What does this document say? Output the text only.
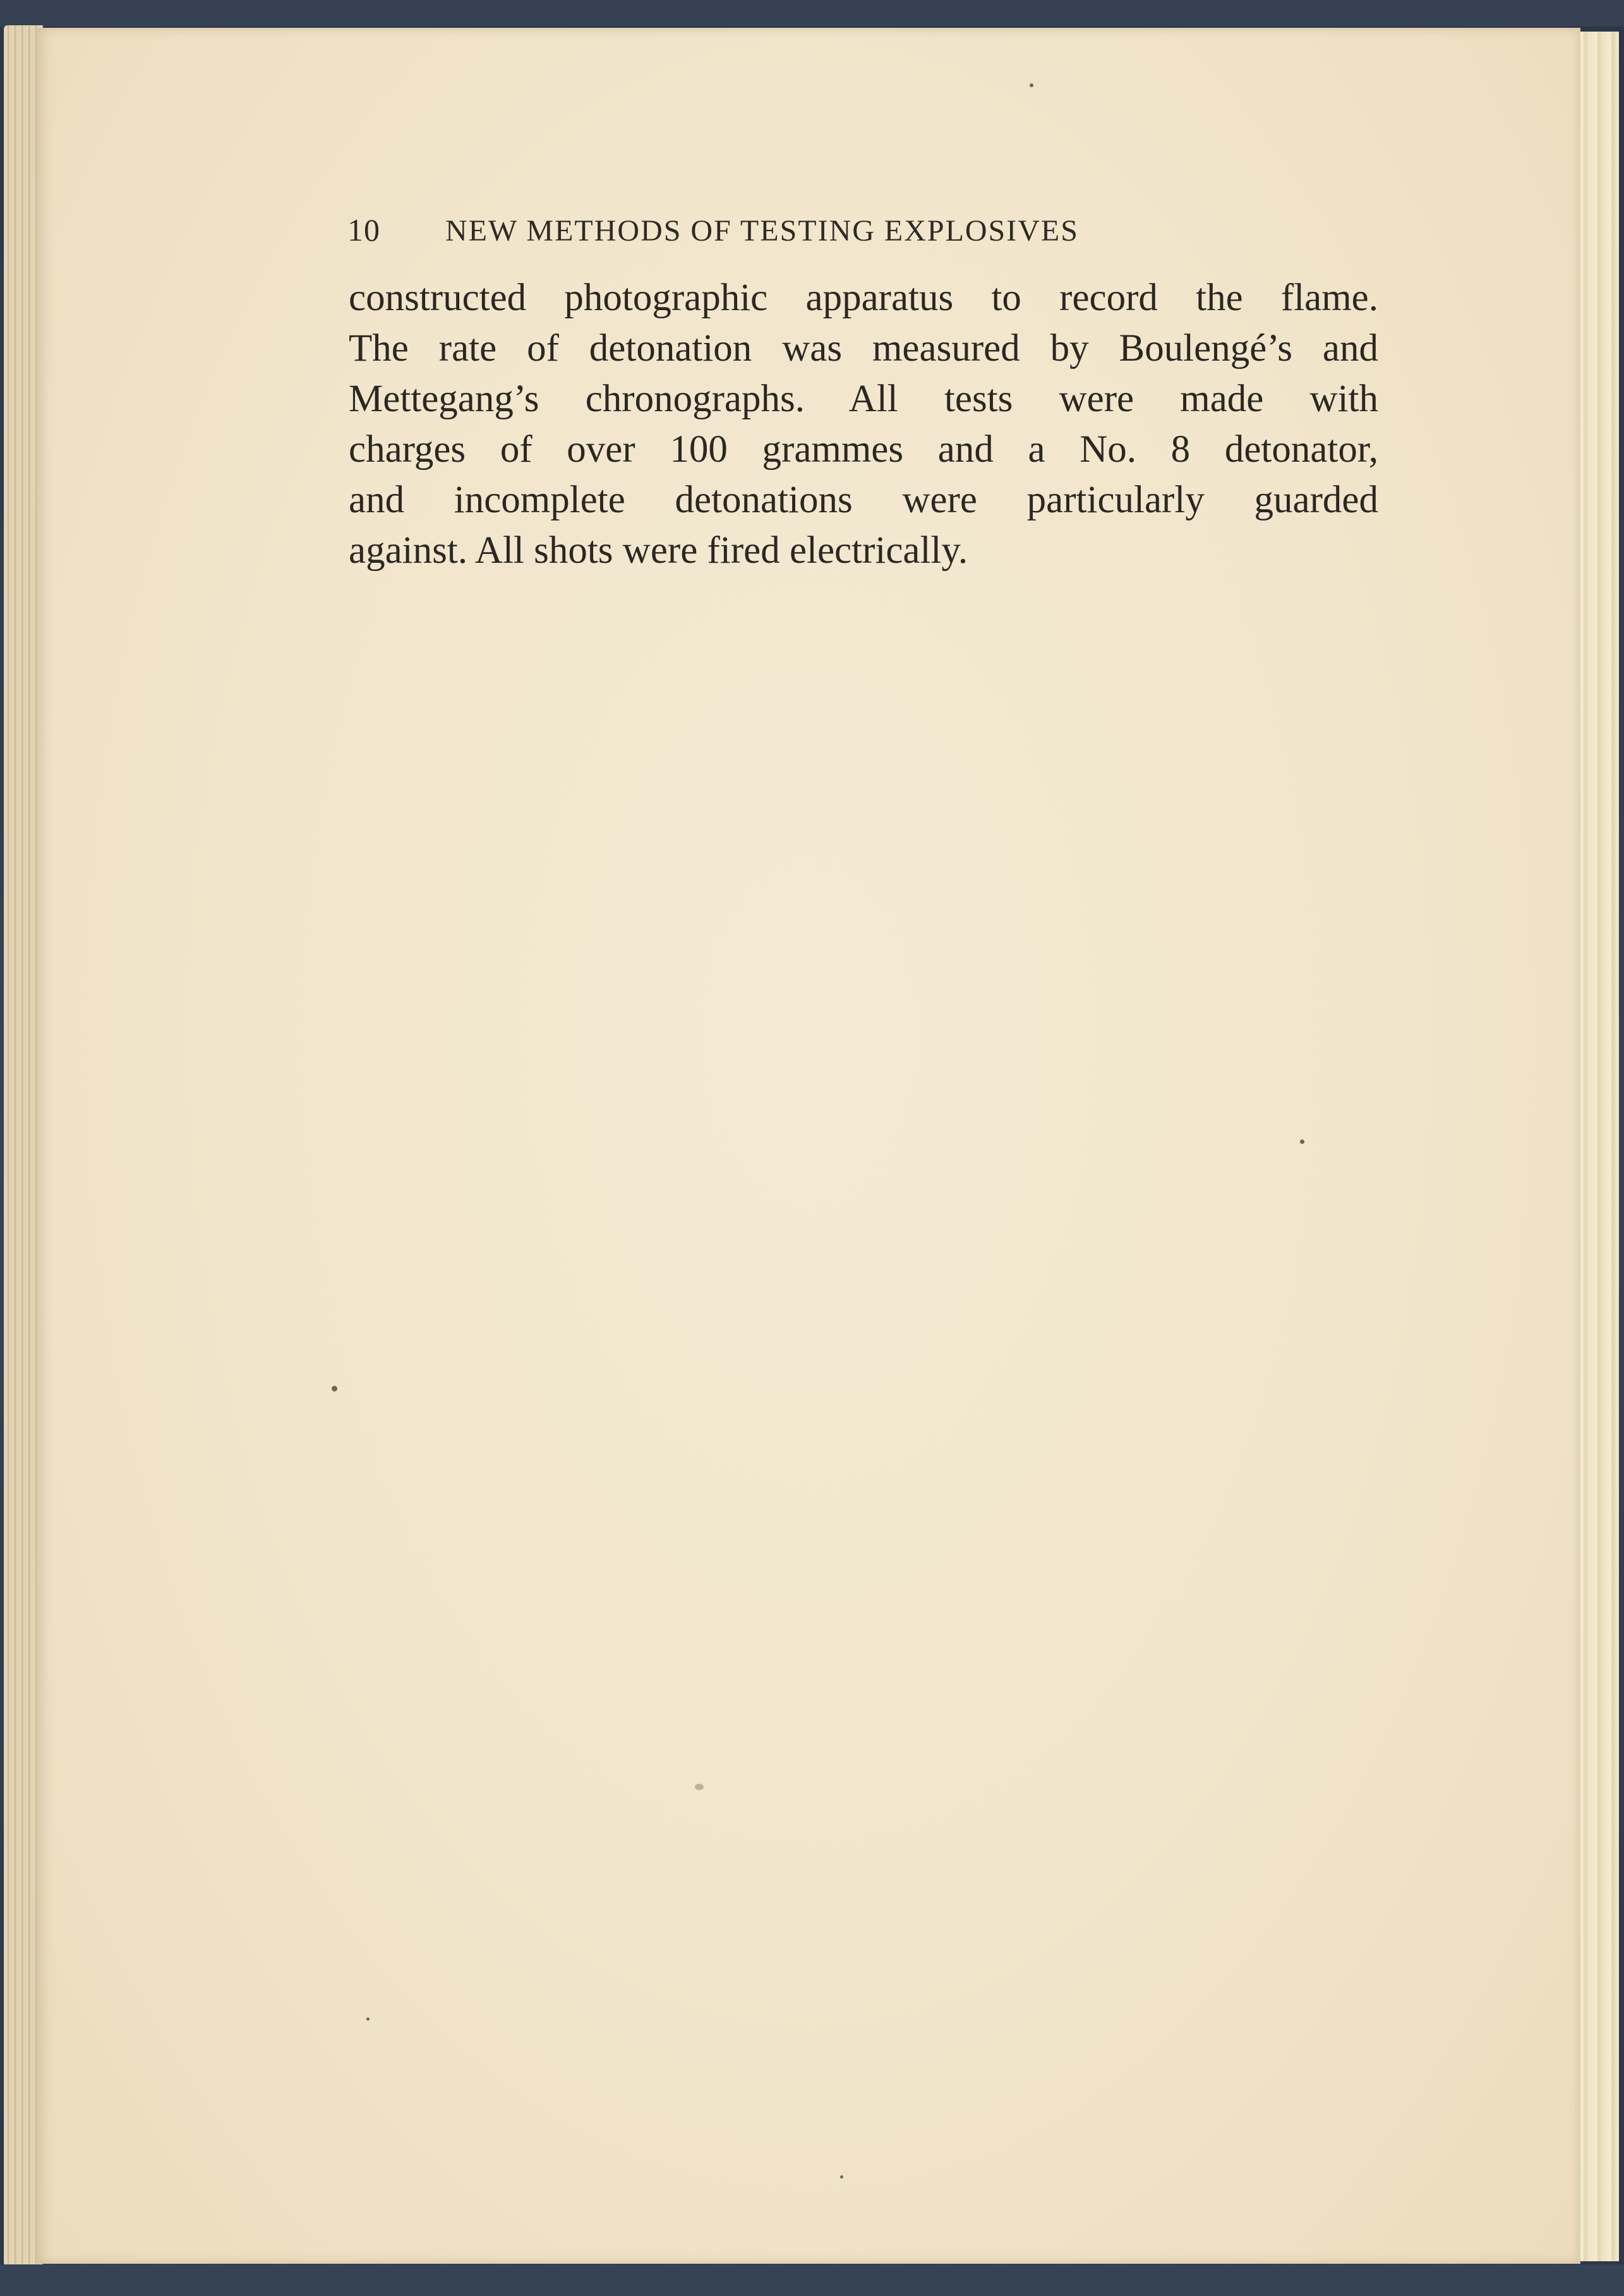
10 NEW METHODS OF TESTING EXPLOSIVES

constructed photographic apparatus to record the flame.
The rate of detonation was measured by Boulengé’s and
Mettegang’s chronographs. All tests were made with
charges of over 100 grammes and a No. 8 detonator,
and incomplete detonations were particularly guarded
against. All shots were fired electrically.
